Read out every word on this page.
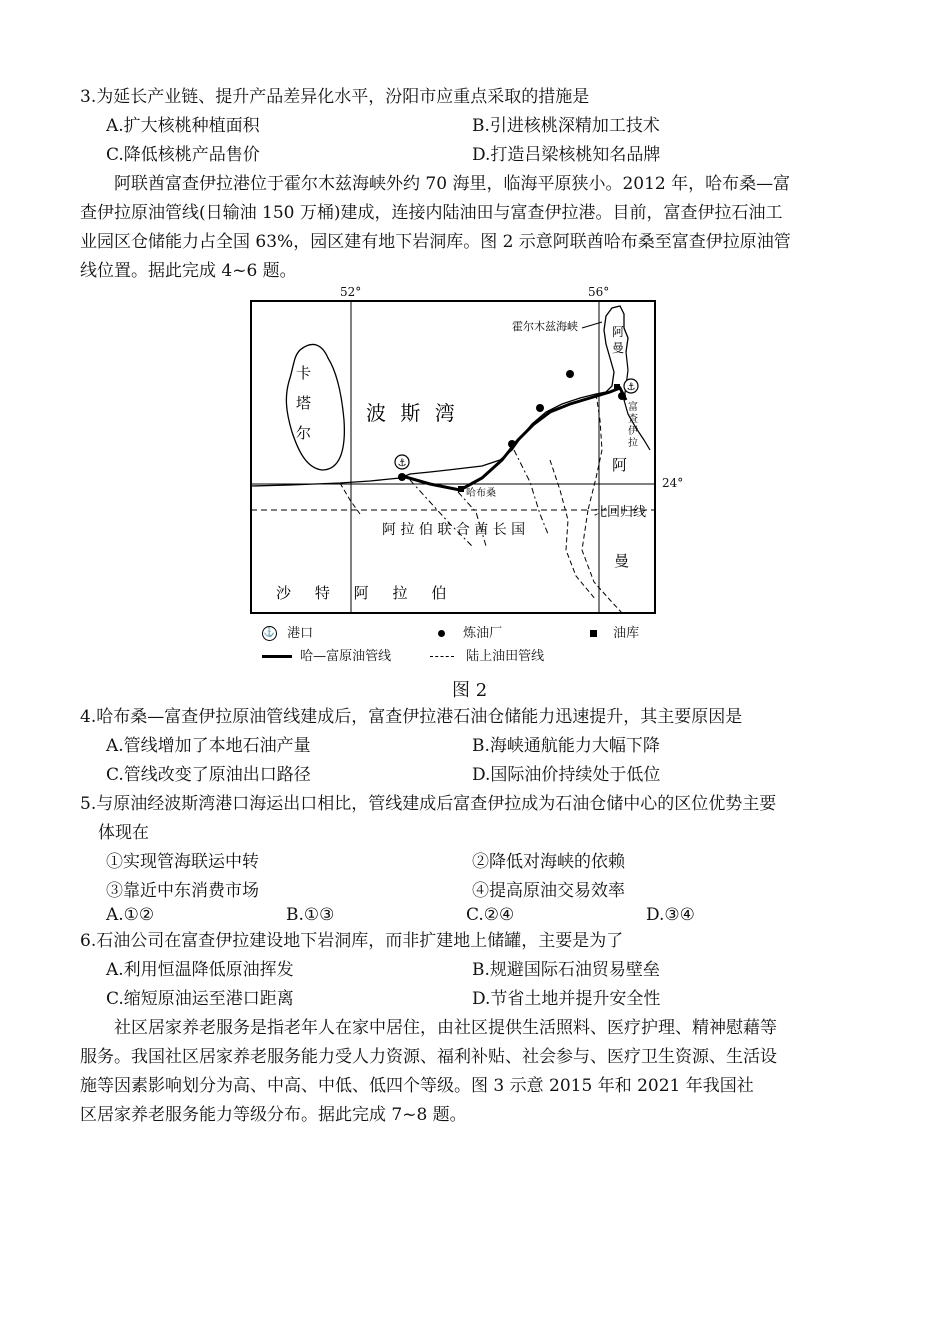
3.为延长产业链、提升产品差异化水平，汾阳市应重点采取的措施是
A.扩大核桃种植面积	B.引进核桃深精加工技术
C.降低核桃产品售价	D.打造吕梁核桃知名品牌
阿联酋富查伊拉港位于霍尔木兹海峡外约 70 海里，临海平原狭小。2012 年，哈布桑—富
查伊拉原油管线(日输油 150 万桶)建成，连接内陆油田与富查伊拉港。目前，富查伊拉石油工
业园区仓储能力占全国 63%，园区建有地下岩洞库。图 2 示意阿联酋哈布桑至富查伊拉原油管
线位置。据此完成 4~6 题。
⚓
⚓
霍尔木兹海峡
波 斯 湾
卡
塔
尔
阿
曼
富
查
伊
拉
阿
曼
哈布桑
阿 拉 伯 联 合 酋 长 国
北回归线
沙     特     阿     拉     伯
52°	56°
24°
⚓ 港口	炼油厂	油库
哈—富原油管线	陆上油田管线
图 2
4.哈布桑—富查伊拉原油管线建成后，富查伊拉港石油仓储能力迅速提升，其主要原因是
A.管线增加了本地石油产量	B.海峡通航能力大幅下降
C.管线改变了原油出口路径	D.国际油价持续处于低位
5.与原油经波斯湾港口海运出口相比，管线建成后富查伊拉成为石油仓储中心的区位优势主要
体现在
①实现管海联运中转	②降低对海峡的依赖
③靠近中东消费市场	④提高原油交易效率
A.①②	B.①③	C.②④	D.③④
6.石油公司在富查伊拉建设地下岩洞库，而非扩建地上储罐，主要是为了
A.利用恒温降低原油挥发	B.规避国际石油贸易壁垒
C.缩短原油运至港口距离	D.节省土地并提升安全性
社区居家养老服务是指老年人在家中居住，由社区提供生活照料、医疗护理、精神慰藉等
服务。我国社区居家养老服务能力受人力资源、福利补贴、社会参与、医疗卫生资源、生活设
施等因素影响划分为高、中高、中低、低四个等级。图 3 示意 2015 年和 2021 年我国社
区居家养老服务能力等级分布。据此完成 7~8 题。
